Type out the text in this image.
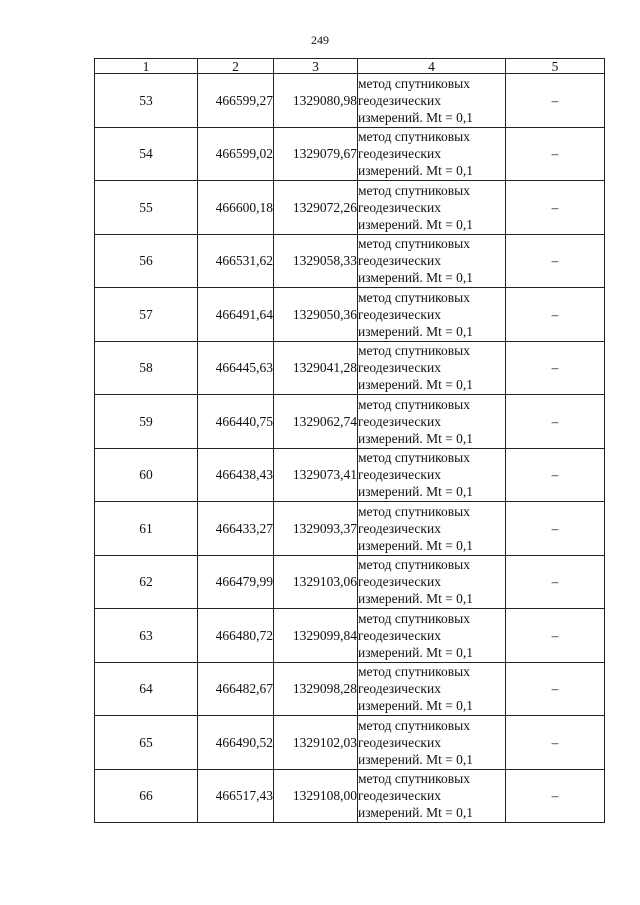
249
1	2	3	4	5
53	466599,27	1329080,98	метод спутниковых
геодезических
измерений. Mt = 0,1	–
54	466599,02	1329079,67	метод спутниковых
геодезических
измерений. Mt = 0,1	–
55	466600,18	1329072,26	метод спутниковых
геодезических
измерений. Mt = 0,1	–
56	466531,62	1329058,33	метод спутниковых
геодезических
измерений. Mt = 0,1	–
57	466491,64	1329050,36	метод спутниковых
геодезических
измерений. Mt = 0,1	–
58	466445,63	1329041,28	метод спутниковых
геодезических
измерений. Mt = 0,1	–
59	466440,75	1329062,74	метод спутниковых
геодезических
измерений. Mt = 0,1	–
60	466438,43	1329073,41	метод спутниковых
геодезических
измерений. Mt = 0,1	–
61	466433,27	1329093,37	метод спутниковых
геодезических
измерений. Mt = 0,1	–
62	466479,99	1329103,06	метод спутниковых
геодезических
измерений. Mt = 0,1	–
63	466480,72	1329099,84	метод спутниковых
геодезических
измерений. Mt = 0,1	–
64	466482,67	1329098,28	метод спутниковых
геодезических
измерений. Mt = 0,1	–
65	466490,52	1329102,03	метод спутниковых
геодезических
измерений. Mt = 0,1	–
66	466517,43	1329108,00	метод спутниковых
геодезических
измерений. Mt = 0,1	–
